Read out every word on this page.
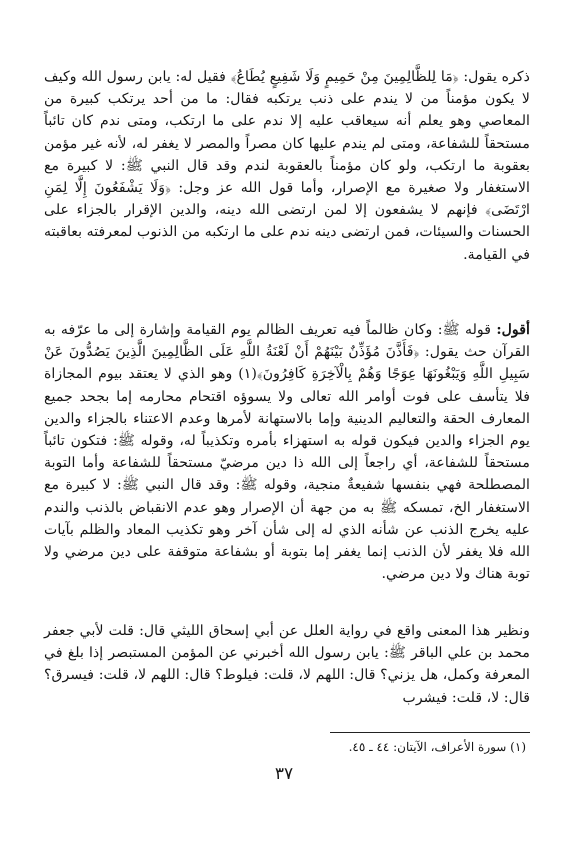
ذكره يقول: ﴿مَا لِلظَّالِمِينَ مِنْ حَمِيمٍ وَلَا شَفِيعٍ يُطَاعُ﴾ فقيل له: يابن رسول الله وكيف لا يكون مؤمناً من لا يندم على ذنب يرتكبه فقال: ما من أحد يرتكب كبيرة من المعاصي وهو يعلم أنه سيعاقب عليه إلا ندم على ما ارتكب، ومتى ندم كان تائباً مستحقاً للشفاعة، ومتى لم يندم عليها كان مصراً والمصر لا يغفر له، لأنه غير مؤمن بعقوبة ما ارتكب، ولو كان مؤمناً بالعقوبة لندم وقد قال النبي ﷺ: لا كبيرة مع الاستغفار ولا صغيرة مع الإصرار، وأما قول الله عز وجل: ﴿وَلَا يَشْفَعُونَ إِلَّا لِمَنِ ارْتَضَى﴾ فإنهم لا يشفعون إلا لمن ارتضى الله دينه، والدين الإقرار بالجزاء على الحسنات والسيئات، فمن ارتضى دينه ندم على ما ارتكبه من الذنوب لمعرفته بعاقبته في القيامة.

أقول: قوله ﷺ: وكان ظالماً فيه تعريف الظالم يوم القيامة وإشارة إلى ما عرّفه به القرآن حث يقول: ﴿فَأَذَّنَ مُؤَذِّنٌ بَيْنَهُمْ أَنْ لَعْنَةُ اللَّهِ عَلَى الظَّالِمِينَ الَّذِينَ يَصُدُّونَ عَنْ سَبِيلِ اللَّهِ وَيَبْغُونَهَا عِوَجًا وَهُمْ بِالْآخِرَةِ كَافِرُونَ﴾(١) وهو الذي لا يعتقد بيوم المجازاة فلا يتأسف على فوت أوامر الله تعالى ولا يسوؤه اقتحام محارمه إما بجحد جميع المعارف الحقة والتعاليم الدينية وإما بالاستهانة لأمرها وعدم الاعتناء بالجزاء والدين يوم الجزاء والدين فيكون قوله به استهزاء بأمره وتكذيباً له، وقوله ﷺ: فتكون تائباً مستحقاً للشفاعة، أي راجعاً إلى الله ذا دين مرضيّ مستحقاً للشفاعة وأما التوبة المصطلحة فهي بنفسها شفيعةٌ منجية، وقوله ﷺ: وقد قال النبي ﷺ: لا كبيرة مع الاستغفار الخ، تمسكه ﷺ به من جهة أن الإصرار وهو عدم الانقباض بالذنب والندم عليه يخرج الذنب عن شأنه الذي له إلى شأن آخر وهو تكذيب المعاد والظلم بآيات الله فلا يغفر لأن الذنب إنما يغفر إما بتوبة أو بشفاعة متوقفة على دين مرضي ولا توبة هناك ولا دين مرضي.

ونظير هذا المعنى واقع في رواية العلل عن أبي إسحاق الليثي قال: قلت لأبي جعفر محمد بن علي الباقر ﷺ: يابن رسول الله أخبرني عن المؤمن المستبصر إذا بلغ في المعرفة وكمل، هل يزني؟ قال: اللهم لا، قلت: فيلوط؟ قال: اللهم لا، قلت: فيسرق؟ قال: لا، قلت: فيشرب

(١) سورة الأعراف، الآيتان: ٤٤ ـ ٤٥.
٣٧
